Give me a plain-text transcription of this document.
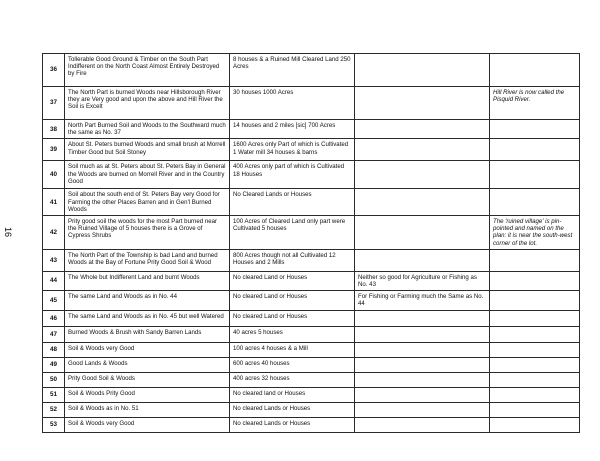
16
36	Tollerable Good Ground & Timber on the South Part Indifferent on the North Coast Almost Entirely Destroyed by Fire	8 houses & a Ruined Mill Cleared Land 250 Acres		
37	The North Part is burned Woods near Hillsborough River they are Very good and upon the above and Hill River the Soil is Excelt	30 houses 1000 Acres		Hill River is now called the Pisquid River.
38	North Part Burned Soil and Woods to the Southward much the same as No. 37	14 houses and 2 miles [sic] 700 Acres		
39	About St. Peters burned Woods and small brush at Morrell Timber Good but Soil Stoney	1600 Acres only Part of which is Cultivated 1 Water mill 34 houses & barns		
40	Soil much as at St. Peters about St. Peters Bay in General the Woods are burned on Morrell River and in the Country Good	400 Acres only part of which is Cultivated 18 Houses		
41	Soil about the south end of St. Peters Bay very Good for Farming the other Places Barren and in Gen'l Burned Woods	No Cleared Lands or Houses		
42	Prity good soil the woods for the most Part burned near the Ruined Village of 5 houses there is a Grove of Cypress Shrubs	100 Acres of Cleared Land only part were Cultivated 5 houses		The 'ruined village' is pin-pointed and named on the plan: it is near the south-west corner of the lot.
43	The North Part of the Township is bad Land and burned Woods at the Bay of Fortune Prity Good Soil & Wood	800 Acres though not all Cultivated 12 Houses and 2 Mills		
44	The Whole but Indifferent Land and burnt Woods	No cleared Land or Houses	Neither so good for Agriculture or Fishing as No. 43	
45	The same Land and Woods as in No. 44	No cleared Land or Houses	For Fishing or Farming much the Same as No. 44	
46	The same Land and Woods as in No. 45 but well Watered	No cleared Land or Houses		
47	Burned Woods & Brush with Sandy Barren Lands	40 acres 5 houses		
48	Soil & Woods very Good	100 acres 4 houses & a Mill		
49	Good Lands & Woods	600 acres 40 houses		
50	Prity Good Soil & Woods	400 acres 32 houses		
51	Soil & Woods Prity Good	No cleared land or Houses		
52	Soil & Woods as in No. 51	No cleared Lands or Houses		
53	Soil & Woods very Good	No cleared Lands or Houses		
